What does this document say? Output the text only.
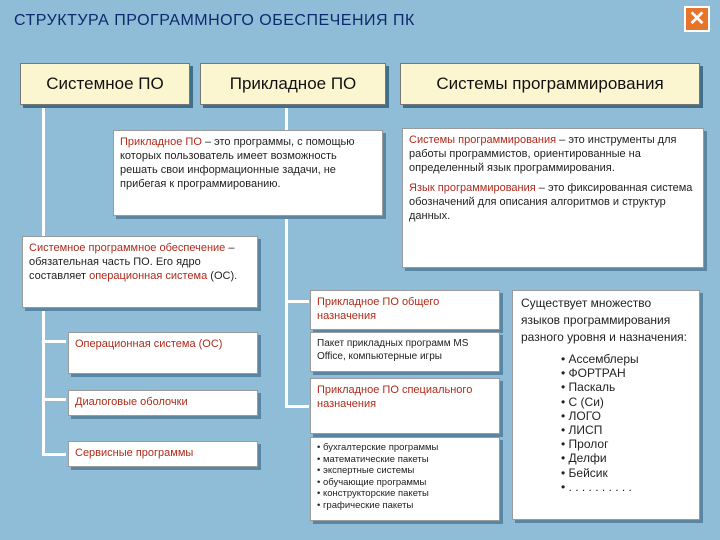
СТРУКТУРА ПРОГРАММНОГО ОБЕСПЕЧЕНИЯ ПК	✕
Системное ПО	Прикладное ПО	Системы программирования
Прикладное ПО – это программы, с помощью которых пользователь имеет возможность решать свои информационные задачи, не прибегая к программированию.
Системы программирования – это инструменты для работы программистов, ориентированные на определенный язык программирования.
Язык программирования – это фиксированная система обозначений для описания алгоритмов и структур данных.
Системное программное обеспечение – обязательная часть ПО. Его ядро составляет операционная система (ОС).
Операционная система (ОС)
Диалоговые оболочки
Сервисные программы
Прикладное ПО общего назначения
Пакет прикладных программ MS Office, компьютерные игры
Прикладное ПО специального назначения
• бухгалтерские программы
• математические пакеты
• экспертные системы
• обучающие программы
• конструкторские пакеты
• графические пакеты
Существует множество языков программирования разного уровня и назначения:
• Ассемблеры
• ФОРТРАН
• Паскаль
• С (Си)
• ЛОГО
• ЛИСП
• Пролог
• Делфи
• Бейсик
• . . . . . . . . . .
